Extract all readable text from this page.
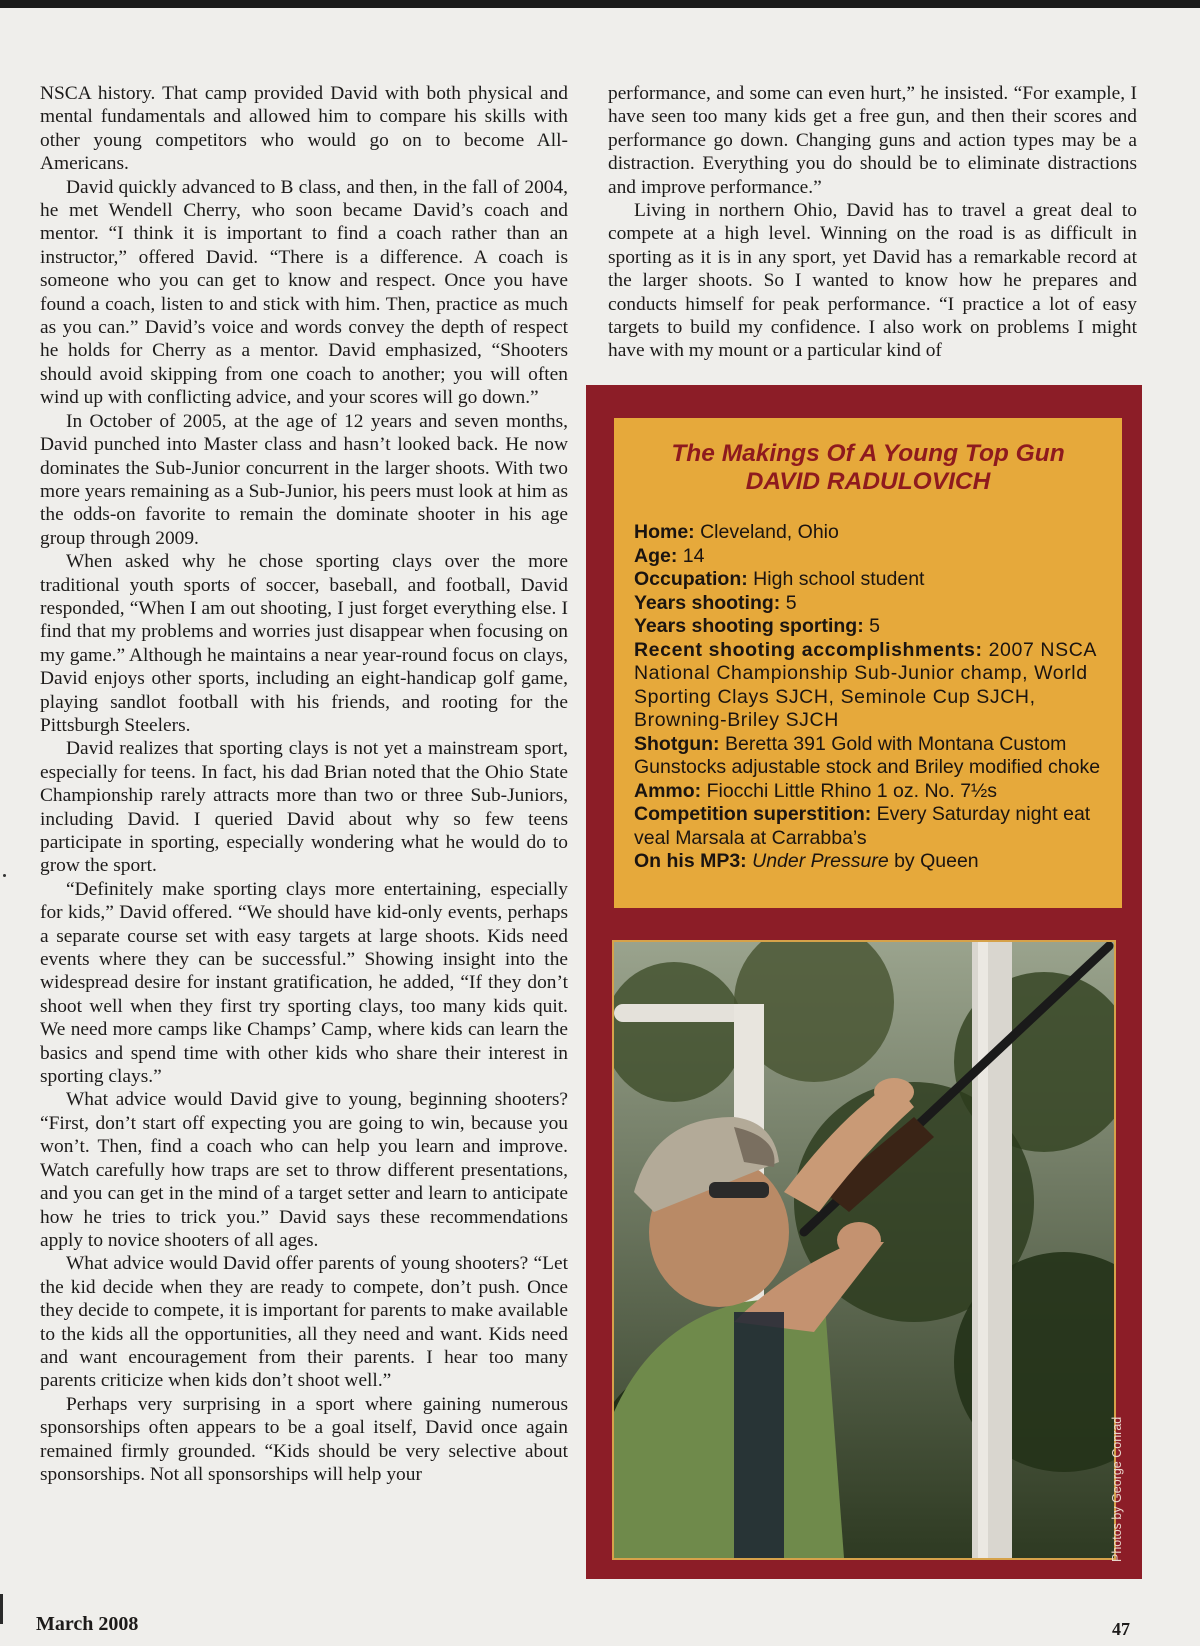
NSCA history. That camp provided David with both physical and mental fundamentals and allowed him to compare his skills with other young competitors who would go on to become All-Americans.

David quickly advanced to B class, and then, in the fall of 2004, he met Wendell Cherry, who soon became David’s coach and mentor. “I think it is important to find a coach rather than an instructor,” offered David. “There is a difference. A coach is someone who you can get to know and respect. Once you have found a coach, listen to and stick with him. Then, practice as much as you can.” David’s voice and words convey the depth of respect he holds for Cherry as a mentor. David emphasized, “Shooters should avoid skipping from one coach to another; you will often wind up with conflicting advice, and your scores will go down.”

In October of 2005, at the age of 12 years and seven months, David punched into Master class and hasn’t looked back. He now dominates the Sub-Junior concurrent in the larger shoots. With two more years remaining as a Sub-Junior, his peers must look at him as the odds-on favorite to remain the dominate shooter in his age group through 2009.

When asked why he chose sporting clays over the more traditional youth sports of soccer, baseball, and football, David responded, “When I am out shooting, I just forget everything else. I find that my problems and worries just disappear when focusing on my game.” Although he maintains a near year-round focus on clays, David enjoys other sports, including an eight-handicap golf game, playing sandlot football with his friends, and rooting for the Pittsburgh Steelers.

David realizes that sporting clays is not yet a mainstream sport, especially for teens. In fact, his dad Brian noted that the Ohio State Championship rarely attracts more than two or three Sub-Juniors, including David. I queried David about why so few teens participate in sporting, especially wondering what he would do to grow the sport.

“Definitely make sporting clays more entertaining, especially for kids,” David offered. “We should have kid-only events, perhaps a separate course set with easy targets at large shoots. Kids need events where they can be successful.” Showing insight into the widespread desire for instant gratification, he added, “If they don’t shoot well when they first try sporting clays, too many kids quit. We need more camps like Champs’ Camp, where kids can learn the basics and spend time with other kids who share their interest in sporting clays.”

What advice would David give to young, beginning shooters? “First, don’t start off expecting you are going to win, because you won’t. Then, find a coach who can help you learn and improve. Watch carefully how traps are set to throw different presentations, and you can get in the mind of a target setter and learn to anticipate how he tries to trick you.” David says these recommendations apply to novice shooters of all ages.

What advice would David offer parents of young shooters? “Let the kid decide when they are ready to compete, don’t push. Once they decide to compete, it is important for parents to make available to the kids all the opportunities, all they need and want. Kids need and want encouragement from their parents. I hear too many parents criticize when kids don’t shoot well.”

Perhaps very surprising in a sport where gaining numerous sponsorships often appears to be a goal itself, David once again remained firmly grounded. “Kids should be very selective about sponsorships. Not all sponsorships will help your

performance, and some can even hurt,” he insisted. “For example, I have seen too many kids get a free gun, and then their scores and performance go down. Changing guns and action types may be a distraction. Everything you do should be to eliminate distractions and improve performance.”

Living in northern Ohio, David has to travel a great deal to compete at a high level. Winning on the road is as difficult in sporting as it is in any sport, yet David has a remarkable record at the larger shoots. So I wanted to know how he prepares and conducts himself for peak performance. “I practice a lot of easy targets to build my confidence. I also work on problems I might have with my mount or a particular kind of

The Makings Of A Young Top Gun
DAVID RADULOVICH

Home: Cleveland, Ohio

Age: 14

Occupation: High school student

Years shooting: 5

Years shooting sporting: 5

Recent shooting accomplishments: 2007 NSCA National Championship Sub-Junior champ, World Sporting Clays SJCH, Seminole Cup SJCH, Browning-Briley SJCH

Shotgun: Beretta 391 Gold with Montana Custom Gunstocks adjustable stock and Briley modified choke

Ammo: Fiocchi Little Rhino 1 oz. No. 7½s

Competition superstition: Every Saturday night eat veal Marsala at Carrabba’s

On his MP3: Under Pressure by Queen

Photos by George Conrad
March 2008	47
